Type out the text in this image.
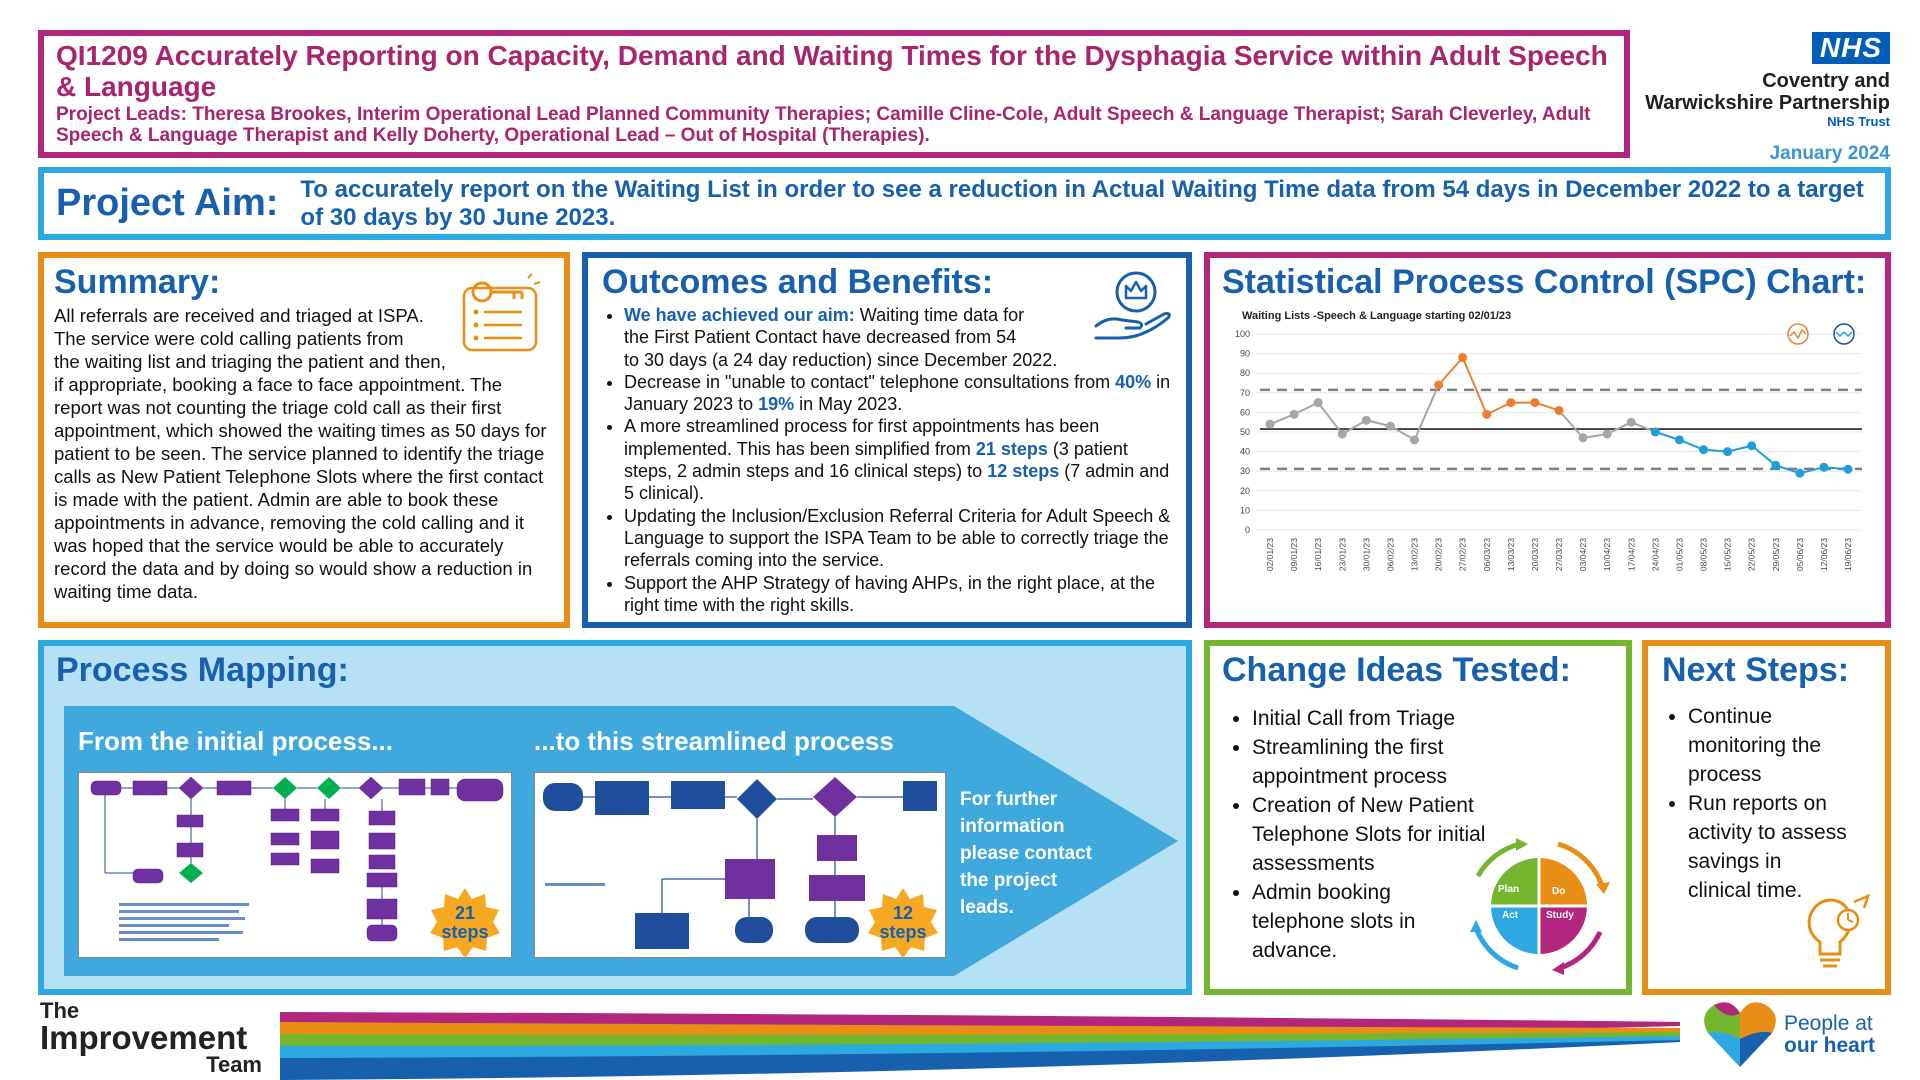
QI1209 Accurately Reporting on Capacity, Demand and Waiting Times for the Dysphagia Service within Adult Speech & Language
Project Leads: Theresa Brookes, Interim Operational Lead Planned Community Therapies; Camille Cline-Cole, Adult Speech & Language Therapist; Sarah Cleverley, Adult Speech & Language Therapist and Kelly Doherty, Operational Lead – Out of Hospital (Therapies).
NHS
Coventry and
Warwickshire Partnership
NHS Trust
January 2024
Project Aim: To accurately report on the Waiting List in order to see a reduction in Actual Waiting Time data from 54 days in December 2022 to a target of 30 days by 30 June 2023.
Summary:
All referrals are received and triaged at ISPA.
The service were cold calling patients from
the waiting list and triaging the patient and then,
if appropriate, booking a face to face appointment. The report was not counting the triage cold call as their first appointment, which showed the waiting times as 50 days for patient to be seen. The service planned to identify the triage calls as New Patient Telephone Slots where the first contact is made with the patient. Admin are able to book these appointments in advance, removing the cold calling and it was hoped that the service would be able to accurately record the data and by doing so would show a reduction in waiting time data.
Outcomes and Benefits:
• We have achieved our aim: Waiting time data for
the First Patient Contact have decreased from 54
to 30 days (a 24 day reduction) since December 2022.
• Decrease in "unable to contact" telephone consultations from 40% in January 2023 to 19% in May 2023.
• A more streamlined process for first appointments has been implemented. This has been simplified from 21 steps (3 patient steps, 2 admin steps and 16 clinical steps) to 12 steps (7 admin and 5 clinical).
• Updating the Inclusion/Exclusion Referral Criteria for Adult Speech & Language to support the ISPA Team to be able to correctly triage the referrals coming into the service.
• Support the AHP Strategy of having AHPs, in the right place, at the right time with the right skills.
Statistical Process Control (SPC) Chart:
Waiting Lists -Speech & Language starting 02/01/23
0
10
20
30
40
50
60
70
80
90
100
02/01/23 09/01/23 16/01/23 23/01/23 30/01/23 06/02/23 13/02/23 20/02/23 27/02/23 06/03/23 13/03/23 20/03/23 27/03/23 03/04/23 10/04/23 17/04/23 24/04/23 01/05/23 08/05/23 15/05/23 22/05/23 29/05/23 05/06/23 12/06/23 19/06/23
Process Mapping:
From the initial process...	...to this streamlined process
21
steps
12
steps
For further information please contact the project leads.
Change Ideas Tested:
• Initial Call from Triage
• Streamlining the first appointment process
• Creation of New Patient Telephone Slots for initial assessments
• Admin booking telephone slots in advance.
Plan	Do
Act	Study
Next Steps:
• Continue monitoring the process
• Run reports on activity to assess savings in clinical time.
The
Improvement
Team
People at
our heart
